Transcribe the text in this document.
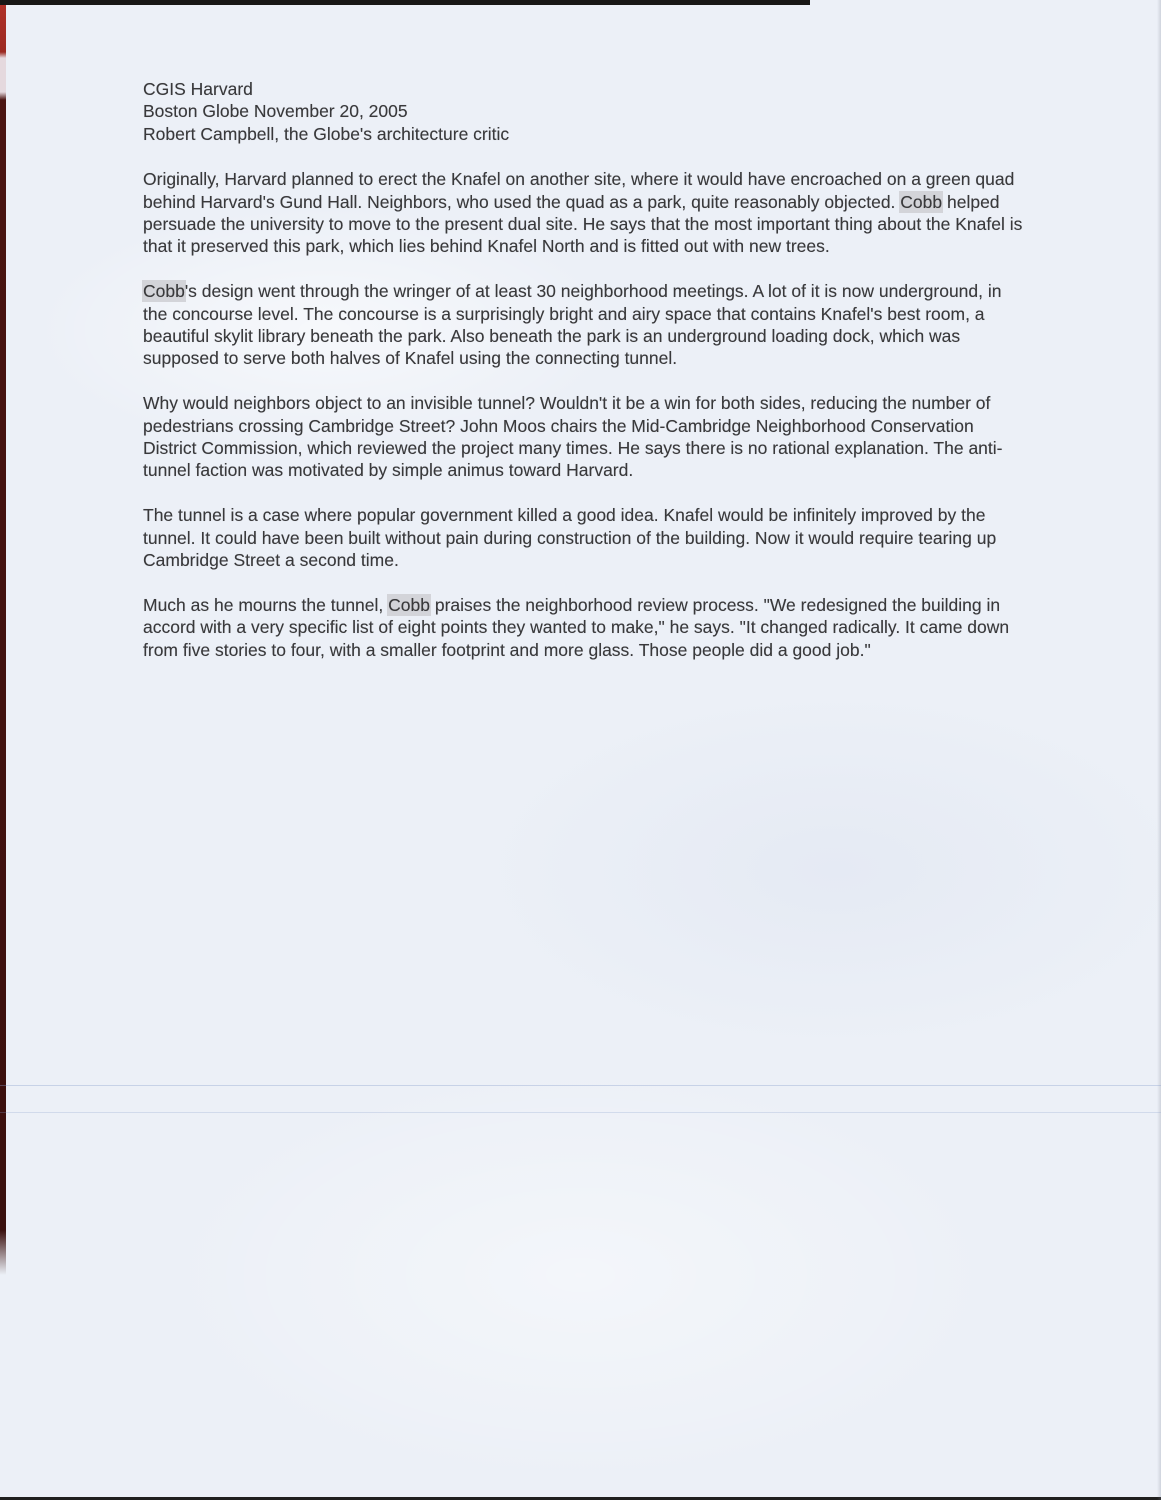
CGIS Harvard
Boston Globe November 20, 2005
Robert Campbell, the Globe's architecture critic

Originally, Harvard planned to erect the Knafel on another site, where it would have encroached on a green quad behind Harvard's Gund Hall. Neighbors, who used the quad as a park, quite reasonably objected. Cobb helped persuade the university to move to the present dual site. He says that the most important thing about the Knafel is that it preserved this park, which lies behind Knafel North and is fitted out with new trees.

Cobb's design went through the wringer of at least 30 neighborhood meetings. A lot of it is now underground, in the concourse level. The concourse is a surprisingly bright and airy space that contains Knafel's best room, a beautiful skylit library beneath the park. Also beneath the park is an underground loading dock, which was supposed to serve both halves of Knafel using the connecting tunnel.

Why would neighbors object to an invisible tunnel? Wouldn't it be a win for both sides, reducing the number of pedestrians crossing Cambridge Street? John Moos chairs the Mid-Cambridge Neighborhood Conservation District Commission, which reviewed the project many times. He says there is no rational explanation. The anti-tunnel faction was motivated by simple animus toward Harvard.

The tunnel is a case where popular government killed a good idea. Knafel would be infinitely improved by the tunnel. It could have been built without pain during construction of the building. Now it would require tearing up Cambridge Street a second time.

Much as he mourns the tunnel, Cobb praises the neighborhood review process. "We redesigned the building in accord with a very specific list of eight points they wanted to make," he says. "It changed radically. It came down from five stories to four, with a smaller footprint and more glass. Those people did a good job."
